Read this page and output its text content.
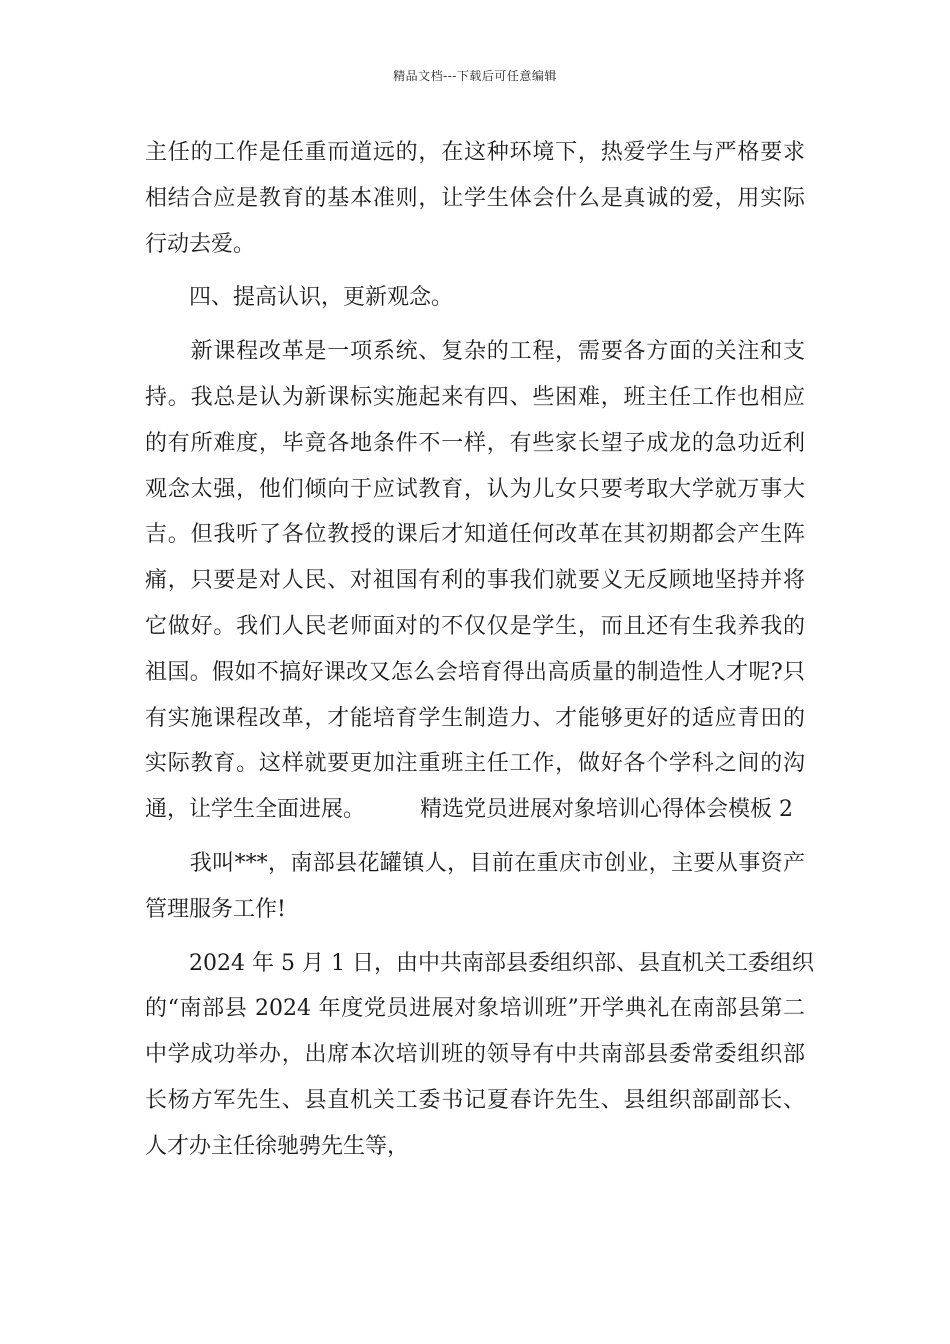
精品文档---下载后可任意编辑
主任的工作是任重而道远的，在这种环境下，热爱学生与严格要求
相结合应是教育的基本准则，让学生体会什么是真诚的爱，用实际
行动去爱。
　　四、提高认识，更新观念。
　　新课程改革是一项系统、复杂的工程，需要各方面的关注和支
持。我总是认为新课标实施起来有四、些困难，班主任工作也相应
的有所难度，毕竟各地条件不一样，有些家长望子成龙的急功近利
观念太强，他们倾向于应试教育，认为儿女只要考取大学就万事大
吉。但我听了各位教授的课后才知道任何改革在其初期都会产生阵
痛，只要是对人民、对祖国有利的事我们就要义无反顾地坚持并将
它做好。我们人民老师面对的不仅仅是学生，而且还有生我养我的
祖国。假如不搞好课改又怎么会培育得出高质量的制造性人才呢?只
有实施课程改革，才能培育学生制造力、才能够更好的适应青田的
实际教育。这样就要更加注重班主任工作，做好各个学科之间的沟
通，让学生全面进展。　　　精选党员进展对象培训心得体会模板 2
　　我叫***，南部县花罐镇人，目前在重庆市创业，主要从事资产
管理服务工作!
　　2024 年 5 月 1 日，由中共南部县委组织部、县直机关工委组织
的“南部县 2024 年度党员进展对象培训班”开学典礼在南部县第二
中学成功举办，出席本次培训班的领导有中共南部县委常委组织部
长杨方军先生、县直机关工委书记夏春许先生、县组织部副部长、
人才办主任徐驰骋先生等，
